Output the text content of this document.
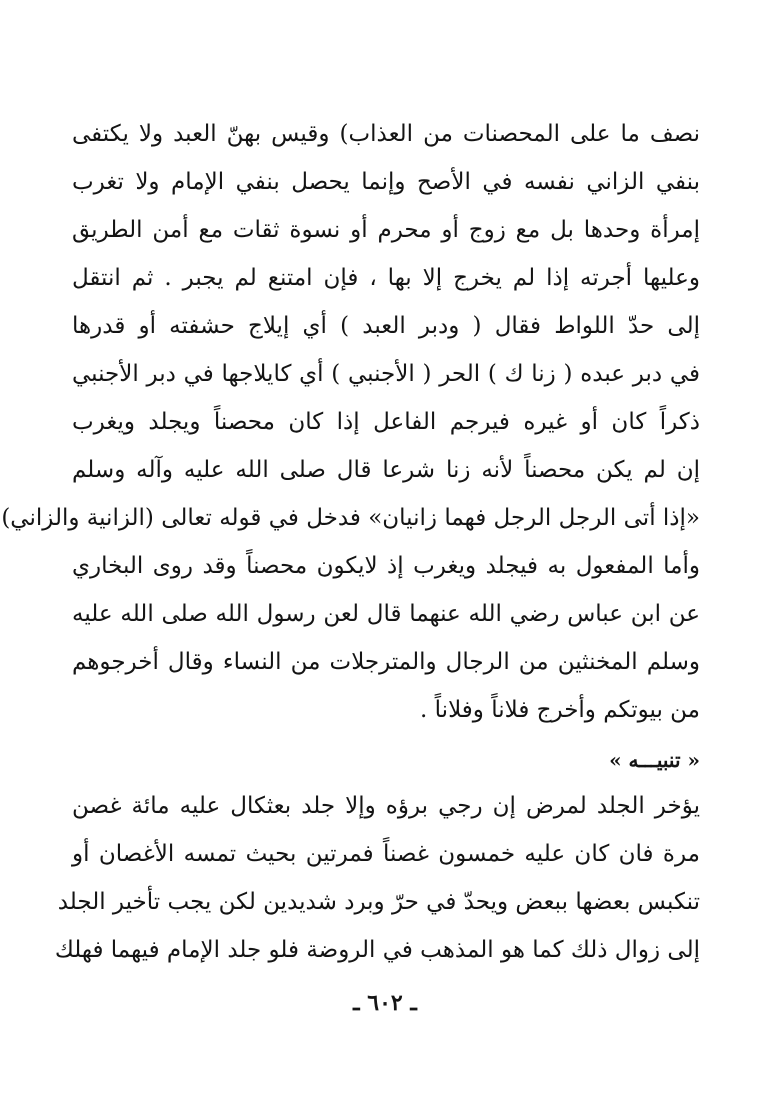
نصف ما على المحصنات من العذاب) وقيس بهنّ العبد ولا يكتفى
بنفي الزاني نفسه في الأصح وإنما يحصل بنفي الإمام ولا تغرب
إمرأة وحدها بل مع زوج أو محرم أو نسوة ثقات مع أمن الطريق
وعليها أجرته إذا لم يخرج إلا بها ، فإن امتنع لم يجبر . ثم انتقل
إلى حدّ اللواط فقال ( ودبر العبد ) أي إيلاج حشفته أو قدرها
في دبر عبده ( زنا ك ) الحر ( الأجنبي ) أي كايلاجها في دبر الأجنبي
ذكراً كان أو غيره فيرجم الفاعل إذا كان محصناً ويجلد ويغرب
إن لم يكن محصناً لأنه زنا شرعا قال صلى الله عليه وآله وسلم
«إذا أتى الرجل الرجل فهما زانيان» فدخل في قوله تعالى (الزانية والزاني)
وأما المفعول به فيجلد ويغرب إذ لايكون محصناً وقد روى البخاري
عن ابن عباس رضي الله عنهما قال لعن رسول الله صلى الله عليه
وسلم المخنثين من الرجال والمترجلات من النساء وقال أخرجوهم
من بيوتكم وأخرج فلاناً وفلاناً .
« تنبيـــه »
يؤخر الجلد لمرض إن رجي برؤه وإلا جلد بعثكال عليه مائة غصن
مرة فان كان عليه خمسون غصناً فمرتين بحيث تمسه الأغصان أو
تنكبس بعضها ببعض ويحدّ في حرّ وبرد شديدين لكن يجب تأخير الجلد
إلى زوال ذلك كما هو المذهب في الروضة فلو جلد الإمام فيهما فهلك
ـ ٦٠٢ ـ
